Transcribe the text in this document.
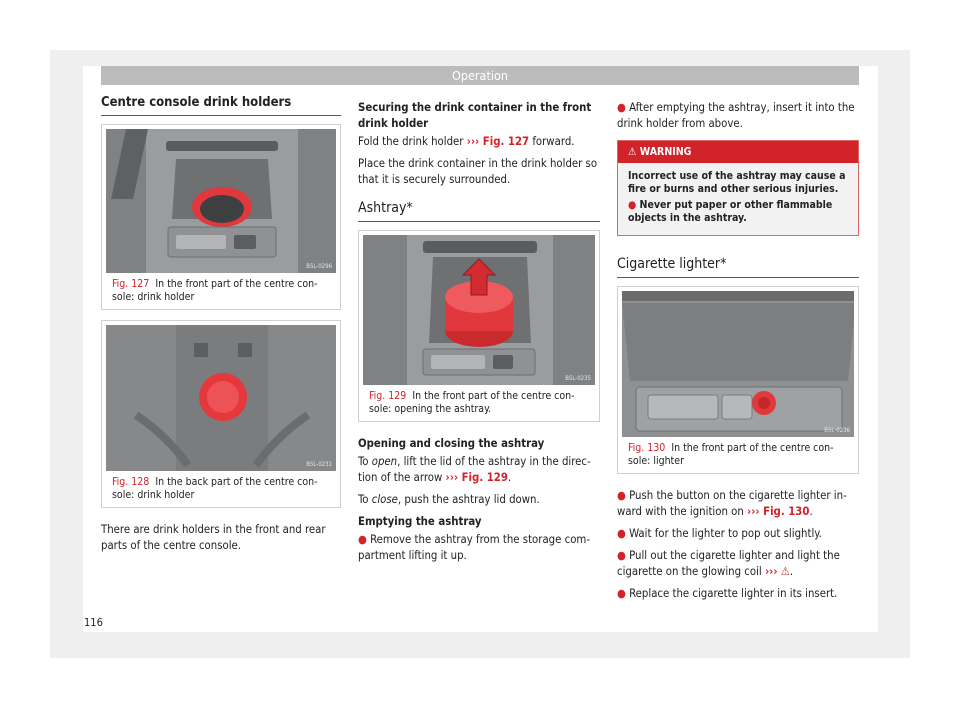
Operation
Centre console drink holders
B5L-0296
Fig. 127 In the front part of the centre con-sole: drink holder
B5L-0231
Fig. 128 In the back part of the centre con-sole: drink holder

There are drink holders in the front and rear parts of the centre console.

Securing the drink container in the front drink holder

Fold the drink holder ››› Fig. 127 forward.

Place the drink container in the drink holder so that it is securely surrounded.

Ashtray*
B5L-0235
Fig. 129 In the front part of the centre con-sole: opening the ashtray.

Opening and closing the ashtray

To open, lift the lid of the ashtray in the direc-tion of the arrow ››› Fig. 129.

To close, push the ashtray lid down.

Emptying the ashtray

● Remove the ashtray from the storage com-partment lifting it up.

● After emptying the ashtray, insert it into the drink holder from above.

⚠ WARNING
Incorrect use of the ashtray may cause a fire or burns and other serious injuries.
● Never put paper or other flammable objects in the ashtray.
Cigarette lighter*
B5L-0236
Fig. 130 In the front part of the centre con-sole: lighter

● Push the button on the cigarette lighter in-ward with the ignition on ››› Fig. 130.

● Wait for the lighter to pop out slightly.

● Pull out the cigarette lighter and light the cigarette on the glowing coil ››› ⚠.

● Replace the cigarette lighter in its insert.

116
